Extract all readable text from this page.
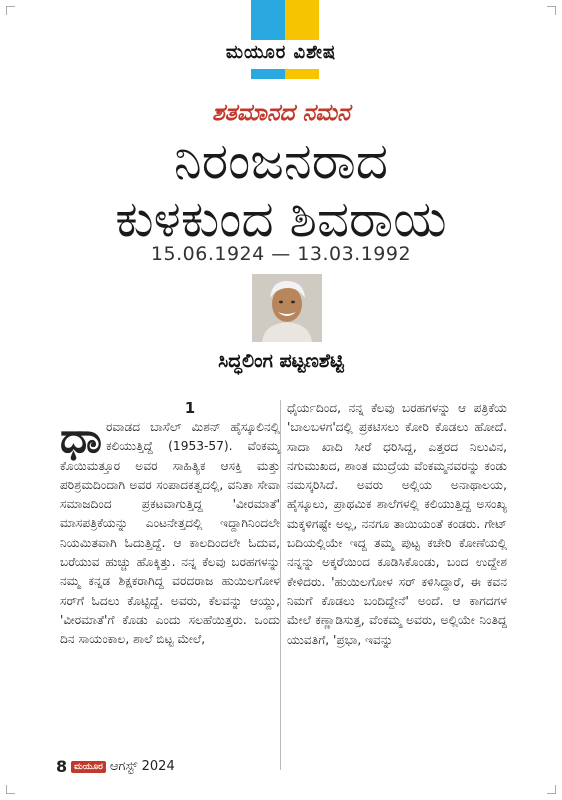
ಮಯೂರ ವಿಶೇಷ
ಶತಮಾನದ ನಮನ
ನಿರಂಜನರಾದ
ಕುಳಕುಂದ ಶಿವರಾಯ
15.06.1924 — 13.03.1992
ಸಿದ್ಧಲಿಂಗ ಪಟ್ಟಣಶೆಟ್ಟಿ
1
ಧಾ ರವಾಡದ ಬಾಸೆಲ್ ಮಿಶನ್ ಹೈಸ್ಕೂಲಿನಲ್ಲಿ ಕಲಿಯುತ್ತಿದ್ದೆ (1953-57). ವೆಂಕಮ್ಮ ಕೊಯಿಮತ್ತೂರ ಅವರ ಸಾಹಿತ್ಯಿಕ ಆಸಕ್ತಿ ಮತ್ತು ಪರಿಶ್ರಮದಿಂದಾಗಿ ಅವರ ಸಂಪಾದಕತ್ವದಲ್ಲಿ, ವನಿತಾ ಸೇವಾ ಸಮಾಜದಿಂದ ಪ್ರಕಟವಾಗುತ್ತಿದ್ದ 'ವೀರಮಾತೆ' ಮಾಸಪತ್ರಿಕೆಯನ್ನು ಎಂಟನೇತ್ತದಲ್ಲಿ ಇದ್ದಾಗಿನಿಂದಲೇ ನಿಯಮಿತವಾಗಿ ಓದುತ್ತಿದ್ದೆ. ಆ ಕಾಲದಿಂದಲೇ ಓದುವ, ಬರೆಯುವ ಹುಚ್ಚು ಹೊಕ್ಕಿತ್ತು. ನನ್ನ ಕೆಲವು ಬರಹಗಳನ್ನು ನಮ್ಮ ಕನ್ನಡ ಶಿಕ್ಷಕರಾಗಿದ್ದ ವರದರಾಜ ಹುಯಿಲಗೋಳ ಸರ್‌ಗೆ ಓದಲು ಕೊಟ್ಟಿದ್ದೆ. ಅವರು, ಕೆಲವನ್ನು ಆಯ್ದು, 'ವೀರಮಾತೆ'ಗೆ ಕೊಡು ಎಂದು ಸಲಹೆಯಿತ್ತರು. ಒಂದು ದಿನ ಸಾಯಂಕಾಲ, ಶಾಲೆ ಬಿಟ್ಟ ಮೇಲೆ,

ಧೈರ್ಯದಿಂದ, ನನ್ನ ಕೆಲವು ಬರಹಗಳನ್ನು ಆ ಪತ್ರಿಕೆಯ 'ಬಾಲಬಳಗ'ದಲ್ಲಿ ಪ್ರಕಟಿಸಲು ಕೋರಿ ಕೊಡಲು ಹೋದೆ. ಸಾದಾ ಖಾದಿ ಸೀರೆ ಧರಿಸಿದ್ದ, ಎತ್ತರದ ನಿಲುವಿನ, ನಗುಮುಖದ, ಶಾಂತ ಮುದ್ರೆಯ ವೆಂಕಮ್ಮನವರನ್ನು ಕಂಡು ನಮಸ್ಕರಿಸಿದೆ. ಅವರು ಅಲ್ಲಿಯ ಅನಾಥಾಲಯ, ಹೈಸ್ಕೂಲು, ಪ್ರಾಥಮಿಕ ಶಾಲೆಗಳಲ್ಲಿ ಕಲಿಯುತ್ತಿದ್ದ ಅಸಂಖ್ಯ ಮಕ್ಕಳಿಗಷ್ಟೇ ಅಲ್ಲ, ನನಗೂ ತಾಯಿಯಂತೆ ಕಂಡರು. ಗೇಟ್ ಬದಿಯಲ್ಲಿಯೇ ಇದ್ದ ತಮ್ಮ ಪುಟ್ಟ ಕಚೇರಿ ಕೋಣೆಯಲ್ಲಿ ನನ್ನನ್ನು ಅಕ್ಕರೆಯಿಂದ ಕೂಡಿಸಿಕೊಂಡು, ಬಂದ ಉದ್ದೇಶ ಕೇಳಿದರು. 'ಹುಯಿಲಗೋಳ ಸರ್ ಕಳಿಸಿದ್ದಾರೆ, ಈ ಕವನ ನಿಮಗೆ ಕೊಡಲು ಬಂದಿದ್ದೇನೆ' ಅಂದೆ. ಆ ಕಾಗದಗಳ ಮೇಲೆ ಕಣ್ಣಾಡಿಸುತ್ತ, ವೆಂಕಮ್ಮ ಅವರು, ಅಲ್ಲಿಯೇ ನಿಂತಿದ್ದ ಯುವತಿಗೆ, 'ಪ್ರಭಾ, ಇವನ್ನು

8 ಮಯೂರ ಆಗಸ್ಟ್ 2024
